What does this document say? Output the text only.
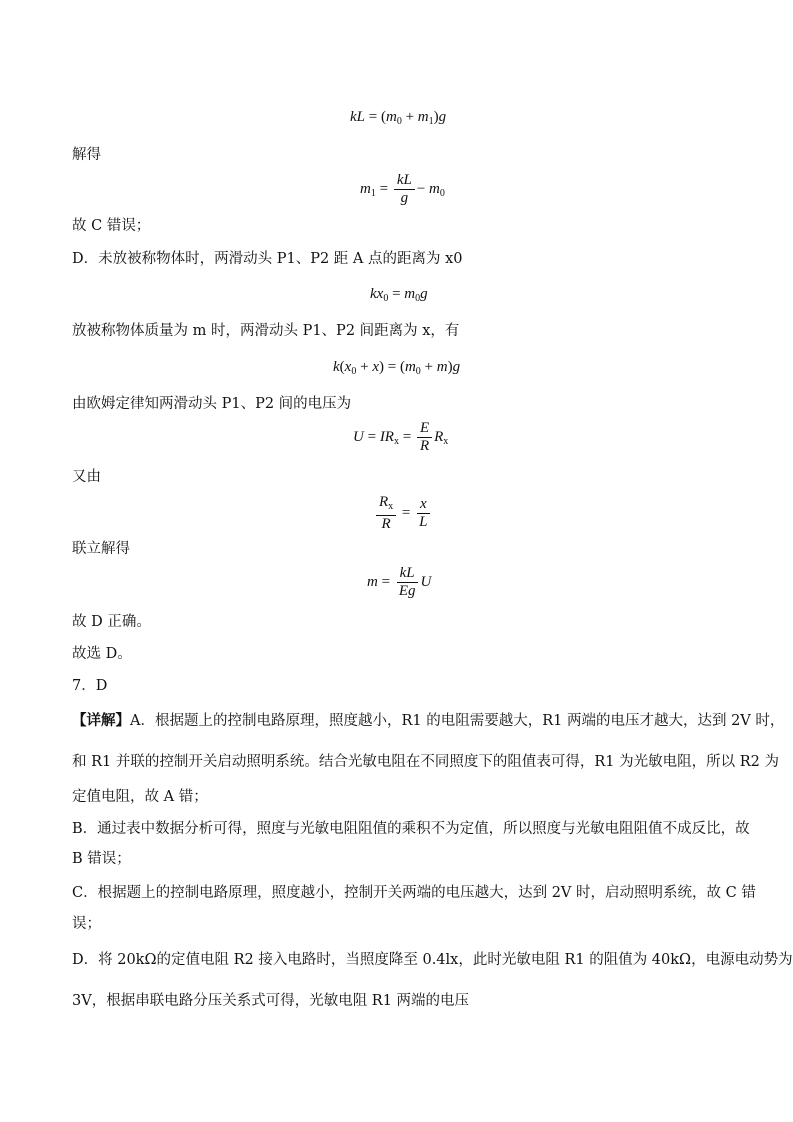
kL = $(m_0 + m_1)g$
解得
$m_1 = \frac{kL}{g} - m_0$
故 C 错误；
D．未放被称物体时，两滑动头 P1、P2 距 A 点的距离为 x0
$kx_0 = m_0g$
放被称物体质量为 m 时，两滑动头 P1、P2 间距离为 x，有
$k(x_0 + x) = (m_0 + m)g$
由欧姆定律知两滑动头 P1、P2 间的电压为
$U = IR_x = \frac{E}{R} R_x$
又由
$\frac{R_x}{R} = \frac{x}{L}$
联立解得
$m = \frac{kL}{Eg}$ U
故 D 正确。
故选 D。
7．D
【详解】A．根据题上的控制电路原理，照度越小，R1 的电阻需要越大，R1 两端的电压才越大，达到 2V 时，
和 R1 并联的控制开关启动照明系统。结合光敏电阻在不同照度下的阻值表可得，R1 为光敏电阻，所以 R2 为
定值电阻，故 A 错；
B．通过表中数据分析可得，照度与光敏电阻阻值的乘积不为定值，所以照度与光敏电阻阻值不成反比，故
B 错误；
C．根据题上的控制电路原理，照度越小，控制开关两端的电压越大，达到 2V 时，启动照明系统，故 C 错
误；
D．将 20kΩ的定值电阻 R2 接入电路时，当照度降至 0.4lx，此时光敏电阻 R1 的阻值为 40kΩ，电源电动势为
3V，根据串联电路分压关系式可得，光敏电阻 R1 两端的电压
